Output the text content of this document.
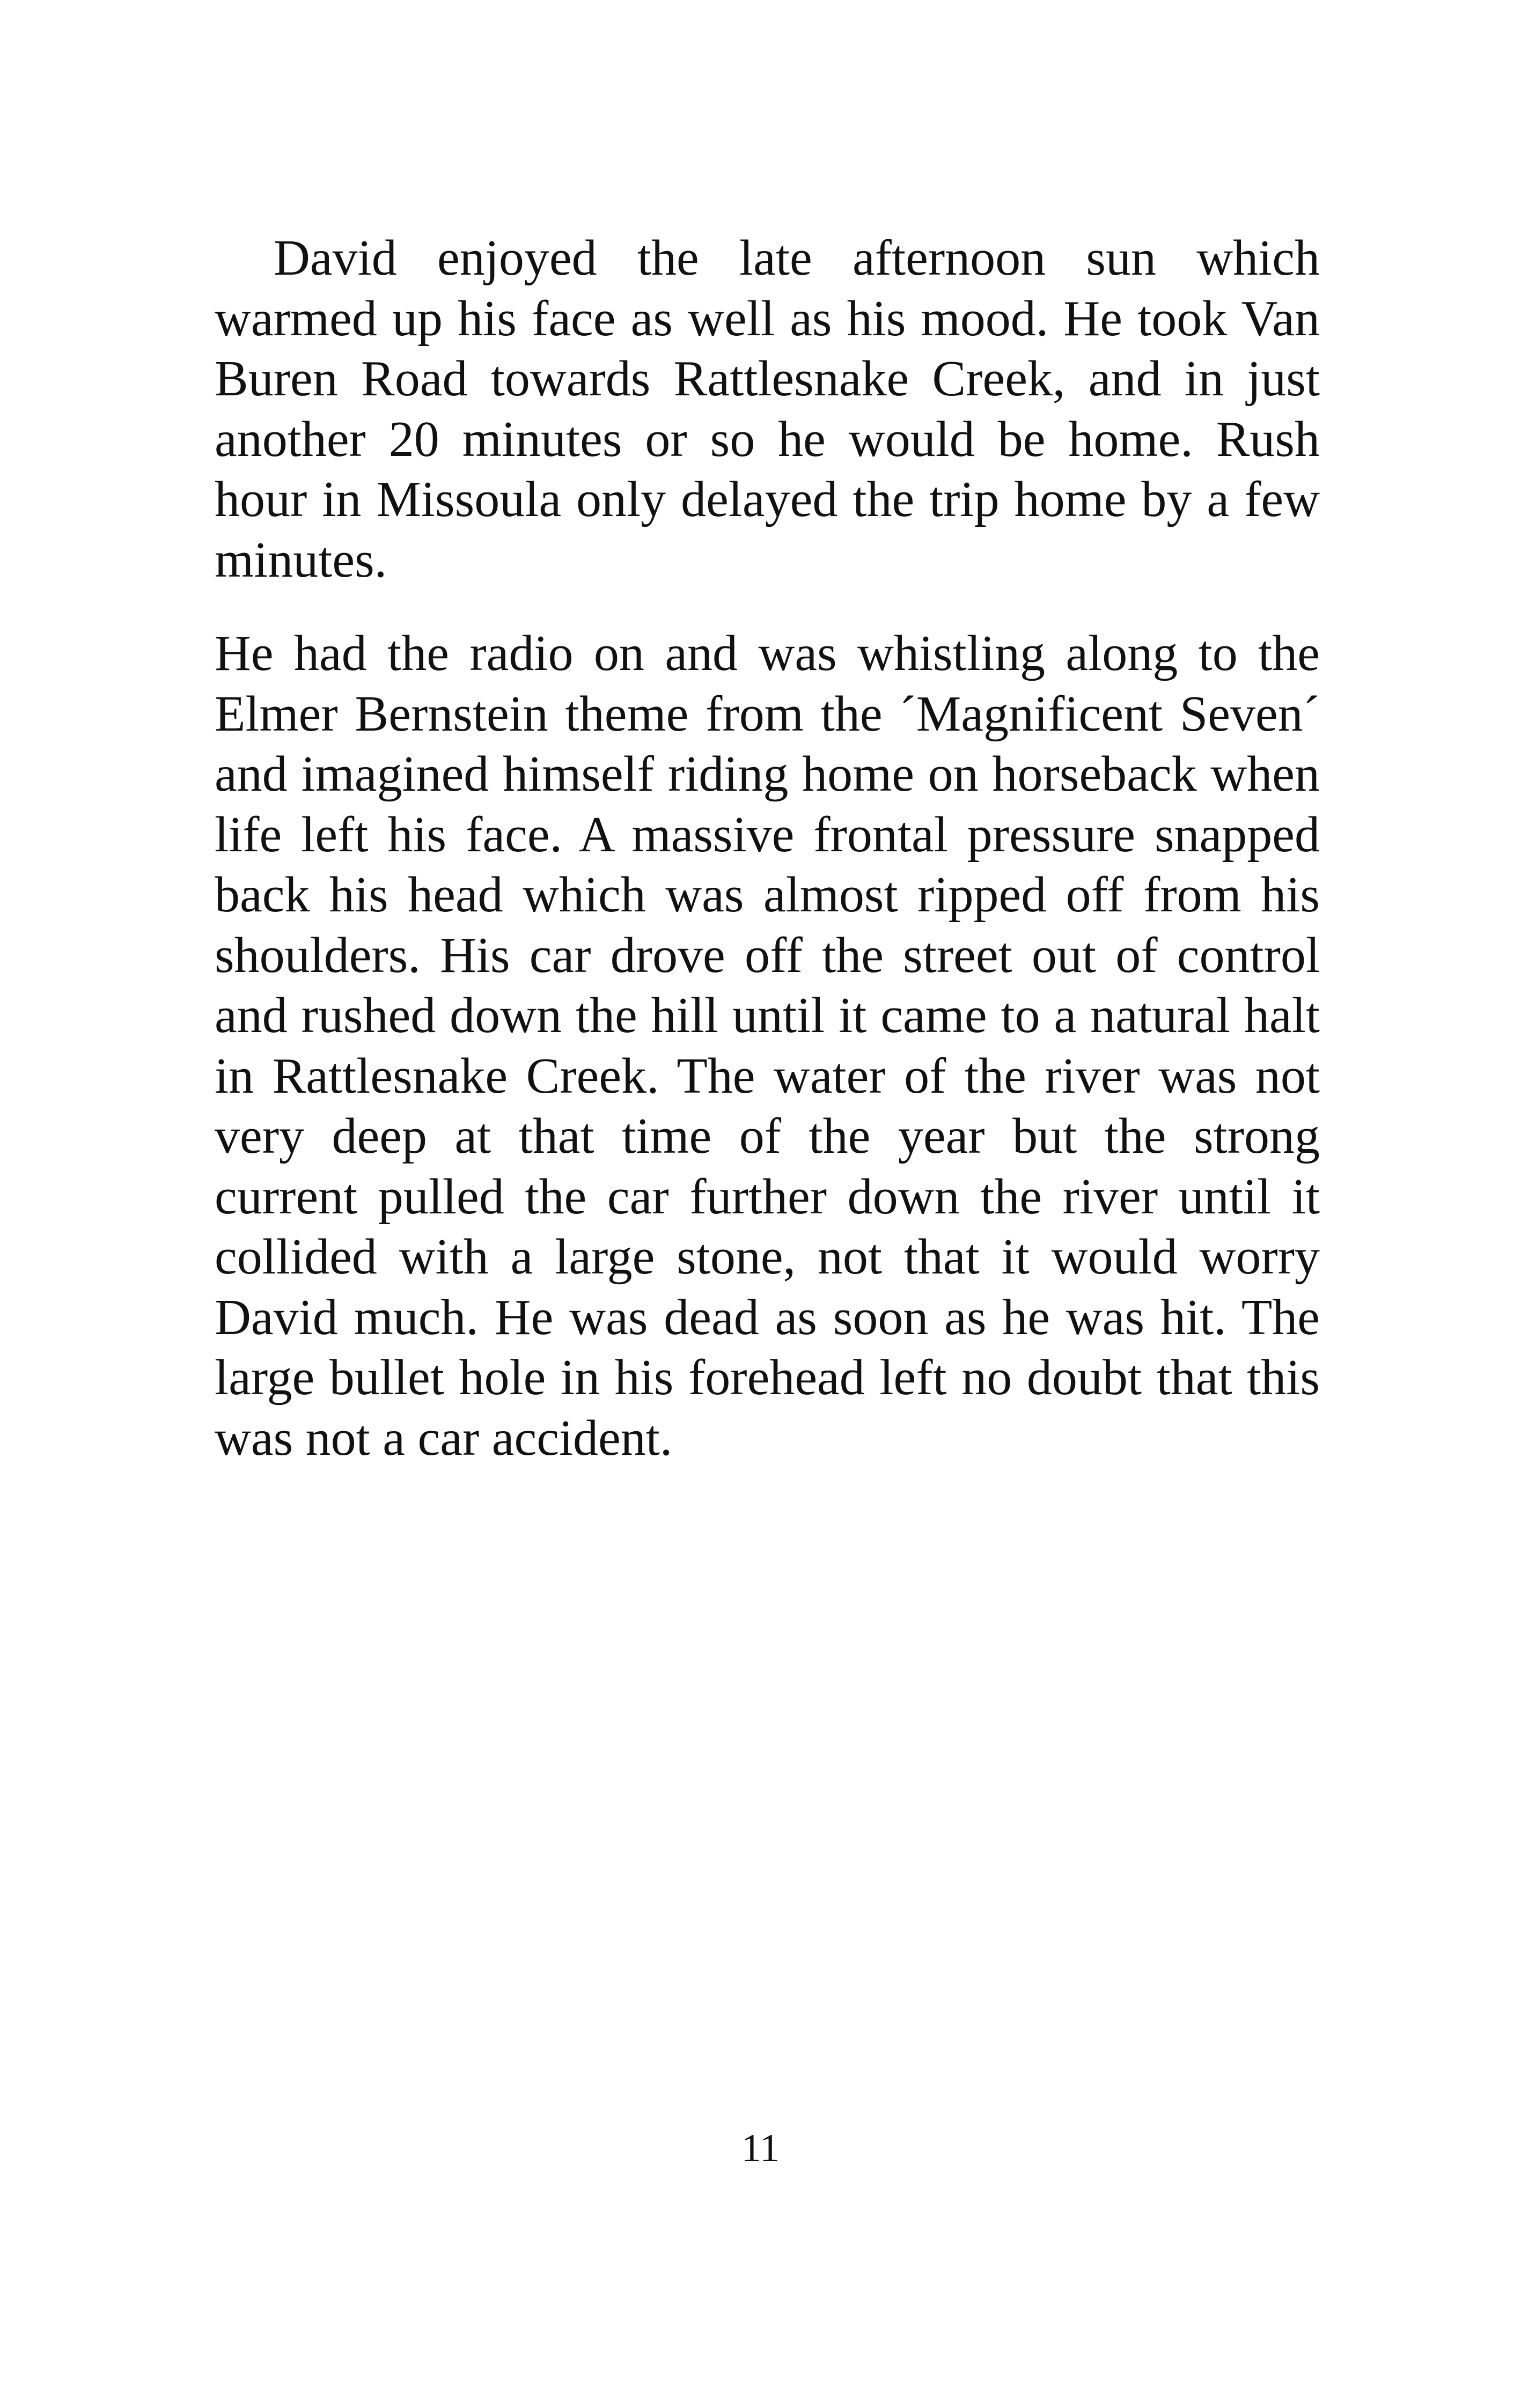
David enjoyed the late afternoon sun which warmed up his face as well as his mood. He took Van Buren Road towards Rattlesnake Creek, and in just another 20 minutes or so he would be home. Rush hour in Missoula only delayed the trip home by a few minutes.

He had the radio on and was whistling along to the Elmer Bernstein theme from the ´Magnificent Seven´ and imagined himself riding home on horseback when life left his face. A massive frontal pressure snapped back his head which was almost ripped off from his shoulders. His car drove off the street out of control and rushed down the hill until it came to a natural halt in Rattlesnake Creek. The water of the river was not very deep at that time of the year but the strong current pulled the car further down the river until it collided with a large stone, not that it would worry David much. He was dead as soon as he was hit. The large bullet hole in his forehead left no doubt that this was not a car accident.

11
